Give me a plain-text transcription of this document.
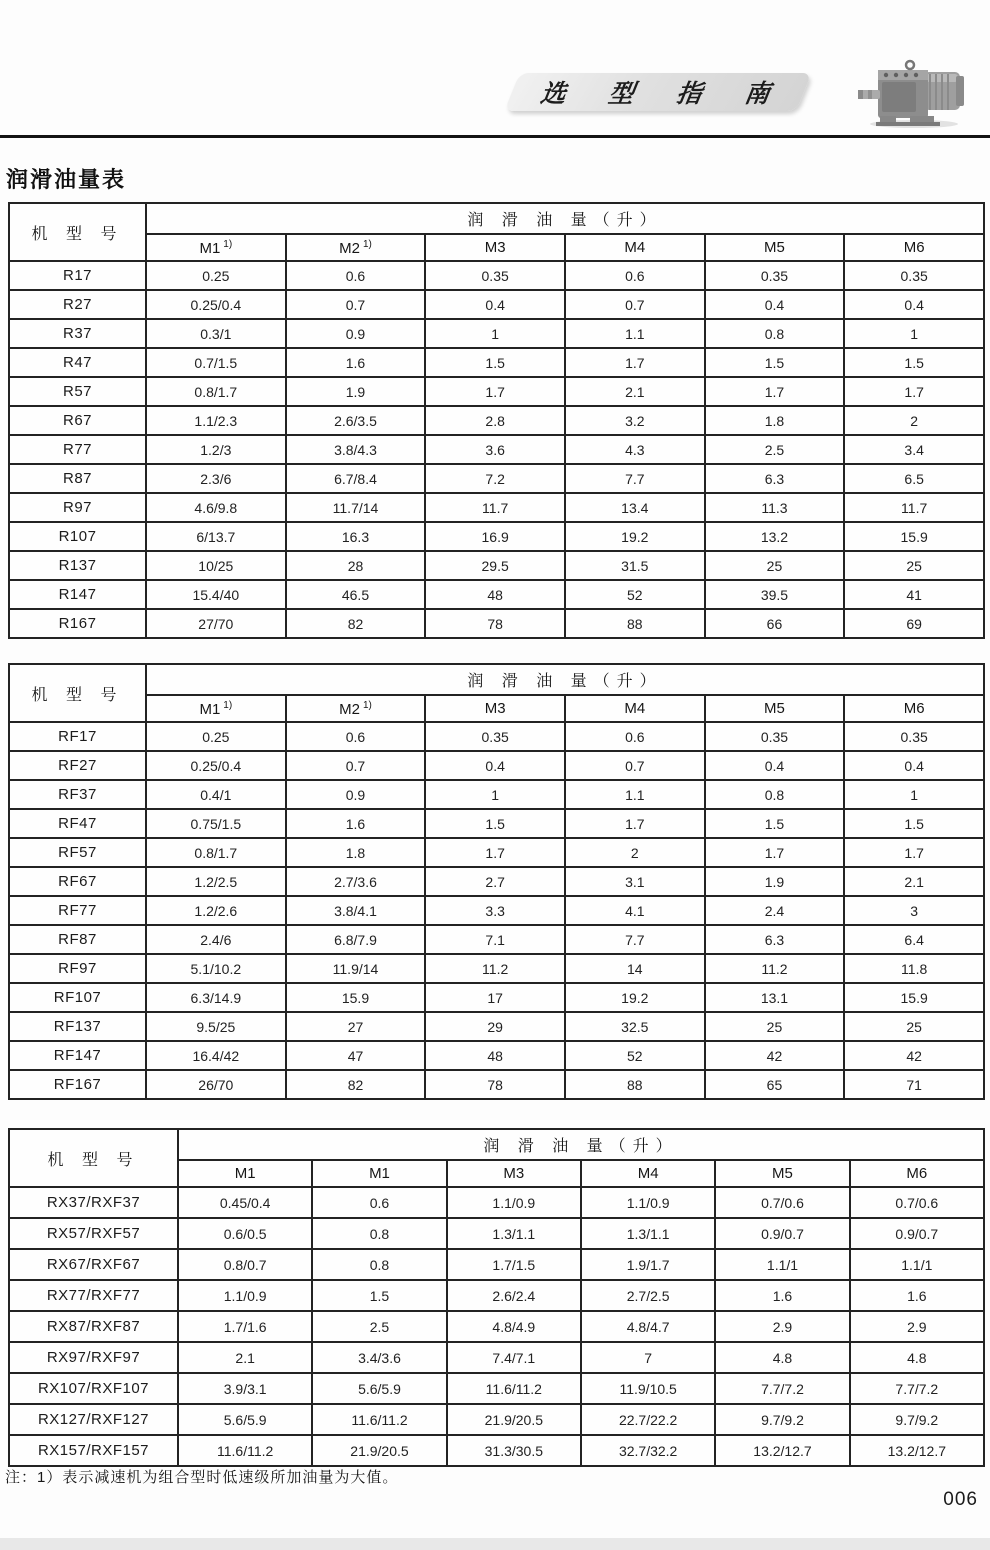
选 型 指 南
润滑油量表
机 型 号	润 滑 油 量（升）					
	M1 $^{1)}$	M2 $^{1)}$	M3	M4	M5	M6
R17	0.25	0.6	0.35	0.6	0.35	0.35
R27	0.25/0.4	0.7	0.4	0.7	0.4	0.4
R37	0.3/1	0.9	1	1.1	0.8	1
R47	0.7/1.5	1.6	1.5	1.7	1.5	1.5
R57	0.8/1.7	1.9	1.7	2.1	1.7	1.7
R67	1.1/2.3	2.6/3.5	2.8	3.2	1.8	2
R77	1.2/3	3.8/4.3	3.6	4.3	2.5	3.4
R87	2.3/6	6.7/8.4	7.2	7.7	6.3	6.5
R97	4.6/9.8	11.7/14	11.7	13.4	11.3	11.7
R107	6/13.7	16.3	16.9	19.2	13.2	15.9
R137	10/25	28	29.5	31.5	25	25
R147	15.4/40	46.5	48	52	39.5	41
R167	27/70	82	78	88	66	69
机 型 号	润 滑 油 量（升）					
	M1 $^{1)}$	M2 $^{1)}$	M3	M4	M5	M6
RF17	0.25	0.6	0.35	0.6	0.35	0.35
RF27	0.25/0.4	0.7	0.4	0.7	0.4	0.4
RF37	0.4/1	0.9	1	1.1	0.8	1
RF47	0.75/1.5	1.6	1.5	1.7	1.5	1.5
RF57	0.8/1.7	1.8	1.7	2	1.7	1.7
RF67	1.2/2.5	2.7/3.6	2.7	3.1	1.9	2.1
RF77	1.2/2.6	3.8/4.1	3.3	4.1	2.4	3
RF87	2.4/6	6.8/7.9	7.1	7.7	6.3	6.4
RF97	5.1/10.2	11.9/14	11.2	14	11.2	11.8
RF107	6.3/14.9	15.9	17	19.2	13.1	15.9
RF137	9.5/25	27	29	32.5	25	25
RF147	16.4/42	47	48	52	42	42
RF167	26/70	82	78	88	65	71
机 型 号	润 滑 油 量（升）					
	M1	M1	M3	M4	M5	M6
RX37/RXF37	0.45/0.4	0.6	1.1/0.9	1.1/0.9	0.7/0.6	0.7/0.6
RX57/RXF57	0.6/0.5	0.8	1.3/1.1	1.3/1.1	0.9/0.7	0.9/0.7
RX67/RXF67	0.8/0.7	0.8	1.7/1.5	1.9/1.7	1.1/1	1.1/1
RX77/RXF77	1.1/0.9	1.5	2.6/2.4	2.7/2.5	1.6	1.6
RX87/RXF87	1.7/1.6	2.5	4.8/4.9	4.8/4.7	2.9	2.9
RX97/RXF97	2.1	3.4/3.6	7.4/7.1	7	4.8	4.8
RX107/RXF107	3.9/3.1	5.6/5.9	11.6/11.2	11.9/10.5	7.7/7.2	7.7/7.2
RX127/RXF127	5.6/5.9	11.6/11.2	21.9/20.5	22.7/22.2	9.7/9.2	9.7/9.2
RX157/RXF157	11.6/11.2	21.9/20.5	31.3/30.5	32.7/32.2	13.2/12.7	13.2/12.7
注：1）表示减速机为组合型时低速级所加油量为大值。
006
